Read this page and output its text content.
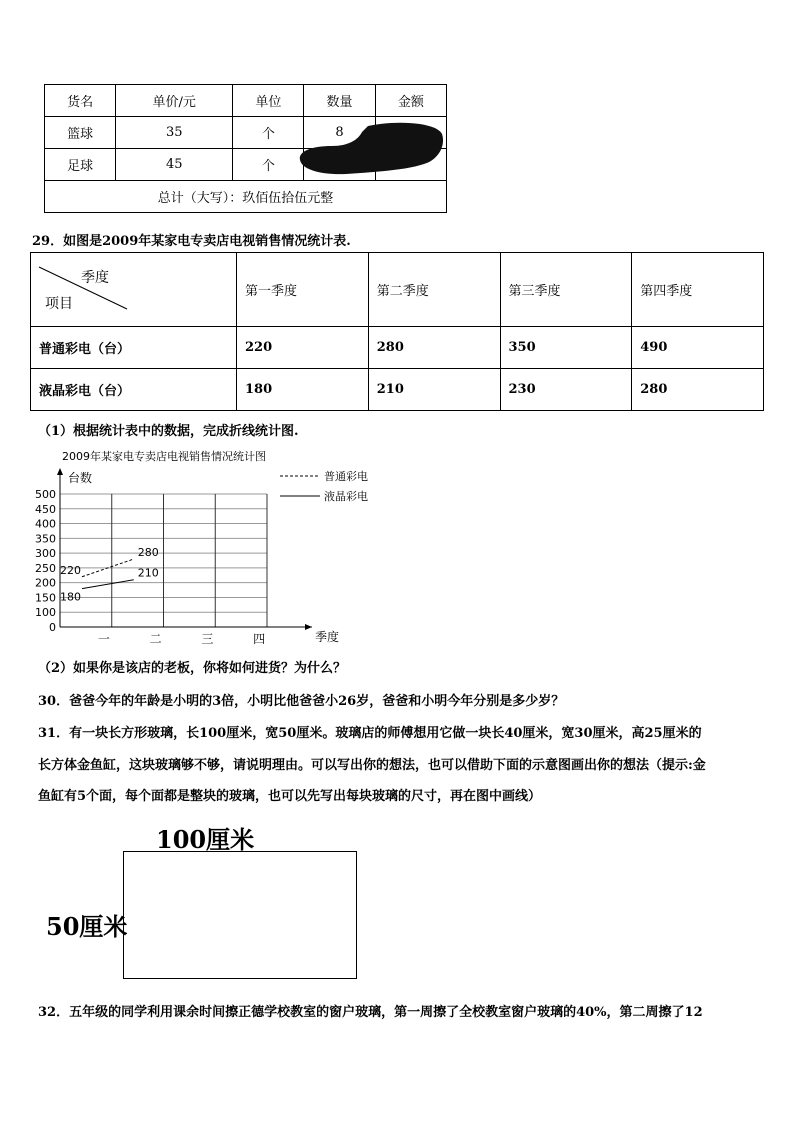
货名	单价/元	单位	数量	金额
篮球	35	个	8	
足球	45	个		
总计（大写）：玖佰伍拾伍元整				
29．如图是2009年某家电专卖店电视销售情况统计表.
季度
项目	第一季度	第二季度	第三季度	第四季度
普通彩电（台）	220	280	350	490
液晶彩电（台）	180	210	230	280
（1）根据统计表中的数据，完成折线统计图.
2009年某家电专卖店电视销售情况统计图
0
100
150
200
250
300
350
400
450
500
一	二	三	四
台数
季度
220
280
180
210
普通彩电
液晶彩电
（2）如果你是该店的老板，你将如何进货？为什么？
30．爸爸今年的年龄是小明的3倍，小明比他爸爸小26岁，爸爸和小明今年分别是多少岁？
31．有一块长方形玻璃，长100厘米，宽50厘米。玻璃店的师傅想用它做一块长40厘米，宽30厘米，高25厘米的
长方体金鱼缸，这块玻璃够不够，请说明理由。可以写出你的想法，也可以借助下面的示意图画出你的想法（提示:金
鱼缸有5个面，每个面都是整块的玻璃，也可以先写出每块玻璃的尺寸，再在图中画线）
100厘米
50厘米
32．五年级的同学利用课余时间擦正德学校教室的窗户玻璃，第一周擦了全校教室窗户玻璃的40%，第二周擦了12
